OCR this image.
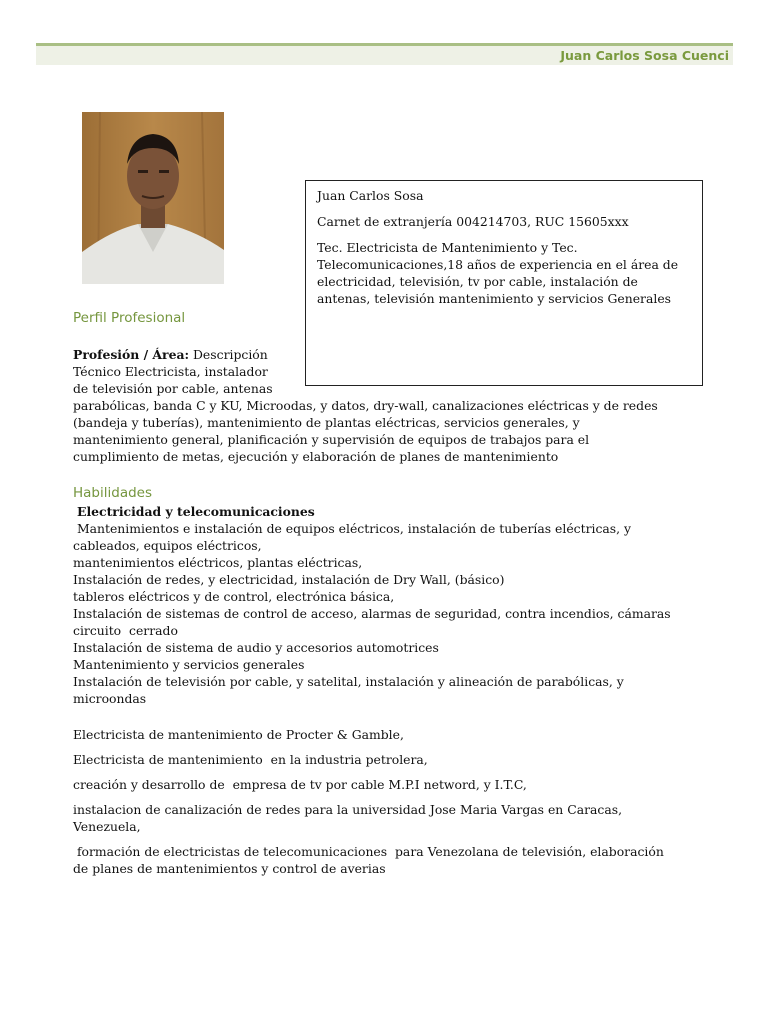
Juan Carlos Sosa Cuenci

Juan Carlos Sosa

Carnet de extranjería 004214703, RUC 15605xxx

Tec. Electricista de Mantenimiento y Tec.
Telecomunicaciones,18 años de experiencia en el área de
electricidad, televisión, tv por cable, instalación de
antenas, televisión mantenimiento y servicios Generales

Perfil Profesional
Profesión / Área: Descripción
Técnico Electricista, instalador
de televisión por cable, antenas
parabólicas, banda C y KU, Microodas, y datos, dry-wall, canalizaciones eléctricas y de redes
(bandeja y tuberías), mantenimiento de plantas eléctricas, servicios generales, y
mantenimiento general, planificación y supervisión de equipos de trabajos para el
cumplimiento de metas, ejecución y elaboración de planes de mantenimiento
Habilidades
Electricidad y telecomunicaciones
Mantenimientos e instalación de equipos eléctricos, instalación de tuberías eléctricas, y
cableados, equipos eléctricos,
mantenimientos eléctricos, plantas eléctricas,
Instalación de redes, y electricidad, instalación de Dry Wall, (básico)
tableros eléctricos y de control, electrónica básica,
Instalación de sistemas de control de acceso, alarmas de seguridad, contra incendios, cámaras
circuito  cerrado
Instalación de sistema de audio y accesorios automotrices
Mantenimiento y servicios generales
Instalación de televisión por cable, y satelital, instalación y alineación de parabólicas, y
microondas
Electricista de mantenimiento de Procter & Gamble,
Electricista de mantenimiento  en la industria petrolera,
creación y desarrollo de  empresa de tv por cable M.P.I netword, y I.T.C,
instalacion de canalización de redes para la universidad Jose Maria Vargas en Caracas,
Venezuela,
formación de electricistas de telecomunicaciones  para Venezolana de televisión, elaboración
de planes de mantenimientos y control de averias
